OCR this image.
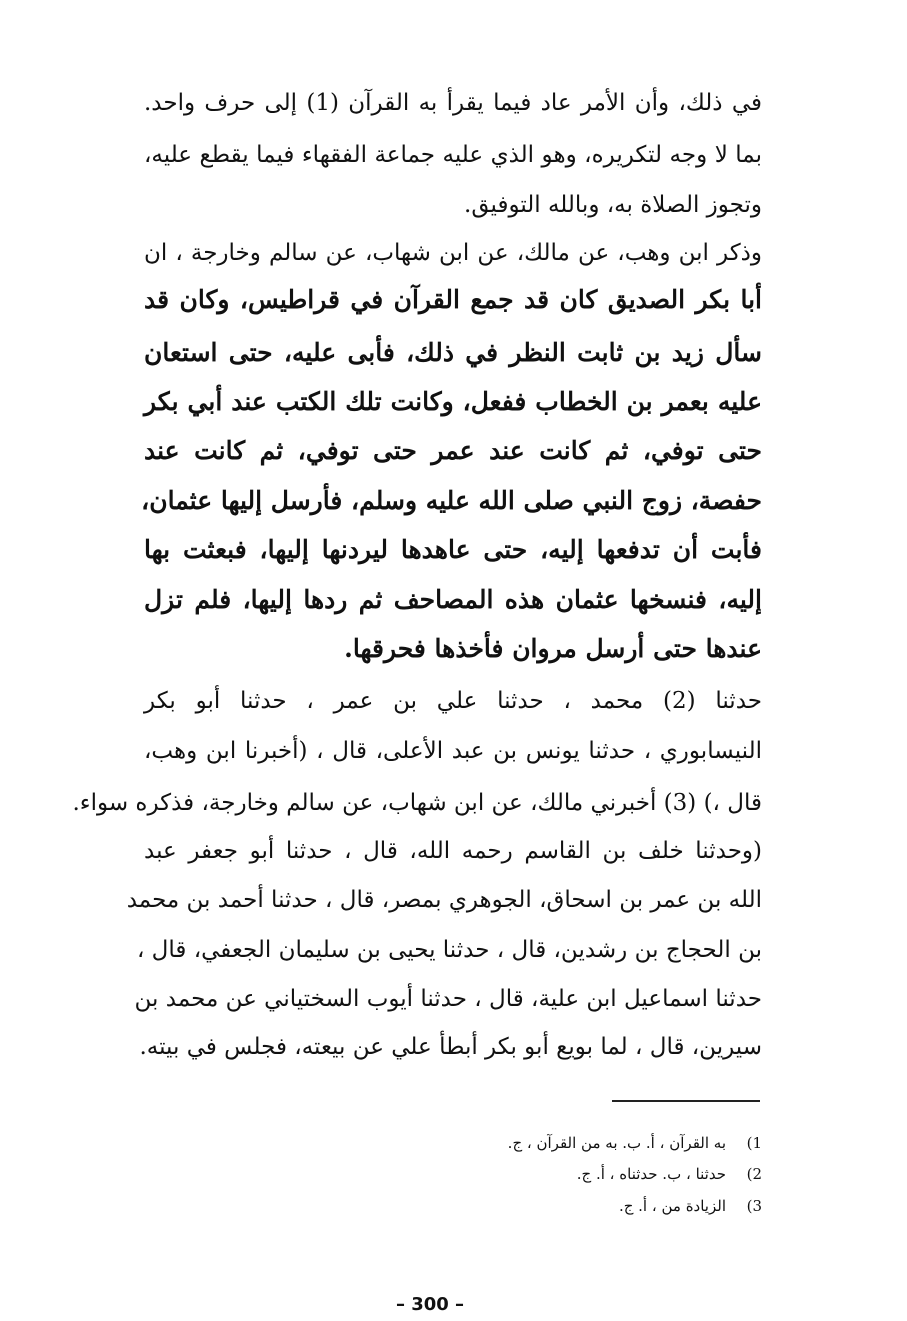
في ذلك، وأن الأمر عاد فيما يقرأ به القرآن (1) إلى حرف واحد.
بما لا وجه لتكريره، وهو الذي عليه جماعة الفقهاء فيما يقطع عليه،
وتجوز الصلاة به، وبالله التوفيق.
وذكر ابن وهب، عن مالك، عن ابن شهاب، عن سالم وخارجة ، ان
أبا بكر الصديق كان قد جمع القرآن في قراطيس، وكان قد
سأل زيد بن ثابت النظر في ذلك، فأبى عليه، حتى استعان
عليه بعمر بن الخطاب ففعل، وكانت تلك الكتب عند أبي بكر
حتى توفي، ثم كانت عند عمر حتى توفي، ثم كانت عند
حفصة، زوج النبي صلى الله عليه وسلم، فأرسل إليها عثمان،
فأبت أن تدفعها إليه، حتى عاهدها ليردنها إليها، فبعثت بها
إليه، فنسخها عثمان هذه المصاحف ثم ردها إليها، فلم تزل
عندها حتى أرسل مروان فأخذها فحرقها.
حدثنا (2) محمد ، حدثنا علي بن عمر ، حدثنا أبو بكر
النيسابوري ، حدثنا يونس بن عبد الأعلى، قال ، (أخبرنا ابن وهب،
قال ،) (3) أخبرني مالك، عن ابن شهاب، عن سالم وخارجة، فذكره سواء.
(وحدثنا خلف بن القاسم رحمه الله، قال ، حدثنا أبو جعفر عبد
الله بن عمر بن اسحاق، الجوهري بمصر، قال ، حدثنا أحمد بن محمد
بن الحجاج بن رشدين، قال ، حدثنا يحيى بن سليمان الجعفي، قال ،
حدثنا اسماعيل ابن علية، قال ، حدثنا أيوب السختياني عن محمد بن
سيرين، قال ، لما بويع أبو بكر أبطأ علي عن بيعته، فجلس في بيته.
1)به القرآن ، أ. ب. به من القرآن ، ج.
2)حدثنا ، ب. حدثناه ، أ. ج.
3)الزيادة من ، أ. ج.
– 300 –
